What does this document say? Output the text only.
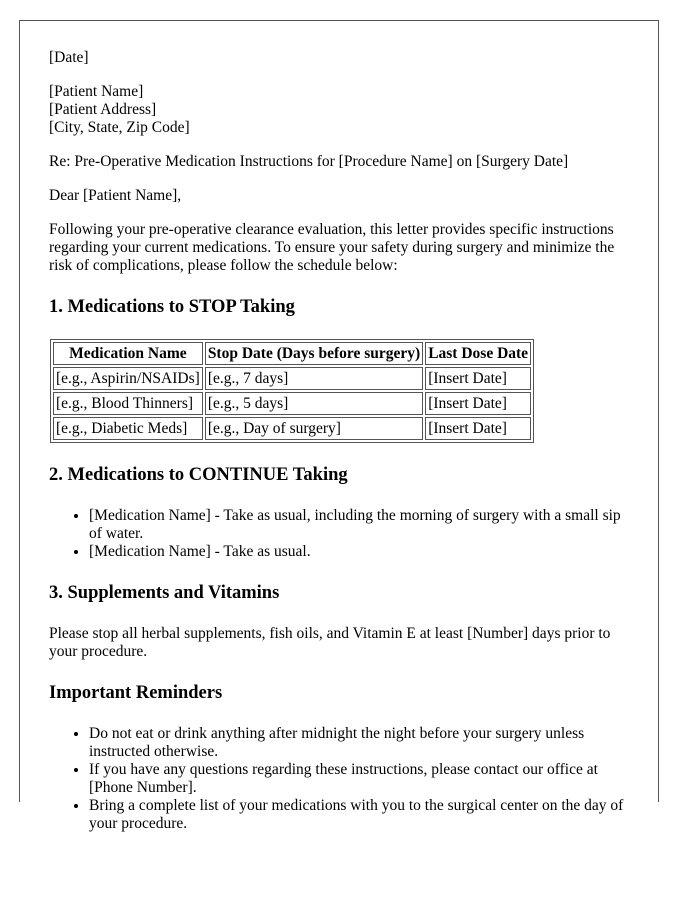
[Date]

[Patient Name]
[Patient Address]
[City, State, Zip Code]

Re: Pre-Operative Medication Instructions for [Procedure Name] on [Surgery Date]

Dear [Patient Name],

Following your pre-operative clearance evaluation, this letter provides specific instructions regarding your current medications. To ensure your safety during surgery and minimize the risk of complications, please follow the schedule below:

1. Medications to STOP Taking
Medication Name	Stop Date (Days before surgery)	Last Dose Date
[e.g., Aspirin/NSAIDs]	[e.g., 7 days]	[Insert Date]
[e.g., Blood Thinners]	[e.g., 5 days]	[Insert Date]
[e.g., Diabetic Meds]	[e.g., Day of surgery]	[Insert Date]
2. Medications to CONTINUE Taking
• [Medication Name] - Take as usual, including the morning of surgery with a small sip of water.
• [Medication Name] - Take as usual.
3. Supplements and Vitamins

Please stop all herbal supplements, fish oils, and Vitamin E at least [Number] days prior to your procedure.

Important Reminders
• Do not eat or drink anything after midnight the night before your surgery unless instructed otherwise.
• If you have any questions regarding these instructions, please contact our office at [Phone Number].
• Bring a complete list of your medications with you to the surgical center on the day of your procedure.
